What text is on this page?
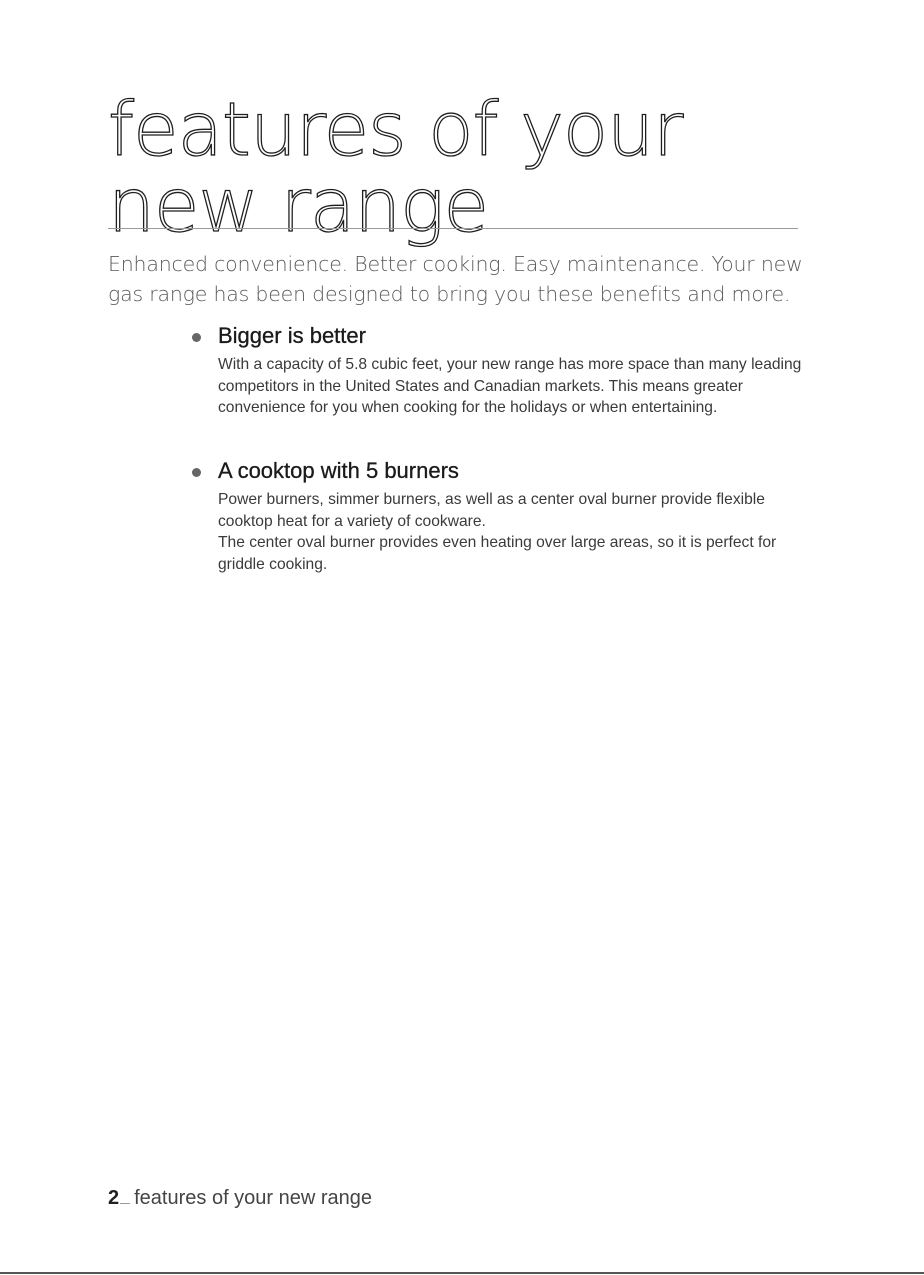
features of your new range

Enhanced convenience. Better cooking. Easy maintenance. Your new gas range has been designed to bring you these benefits and more.

Bigger is better

With a capacity of 5.8 cubic feet, your new range has more space than many leading competitors in the United States and Canadian markets. This means greater convenience for you when cooking for the holidays or when entertaining.

A cooktop with 5 burners

Power burners, simmer burners, as well as a center oval burner provide flexible cooktop heat for a variety of cookware.
The center oval burner provides even heating over large areas, so it is perfect for griddle cooking.

2 features of your new range
